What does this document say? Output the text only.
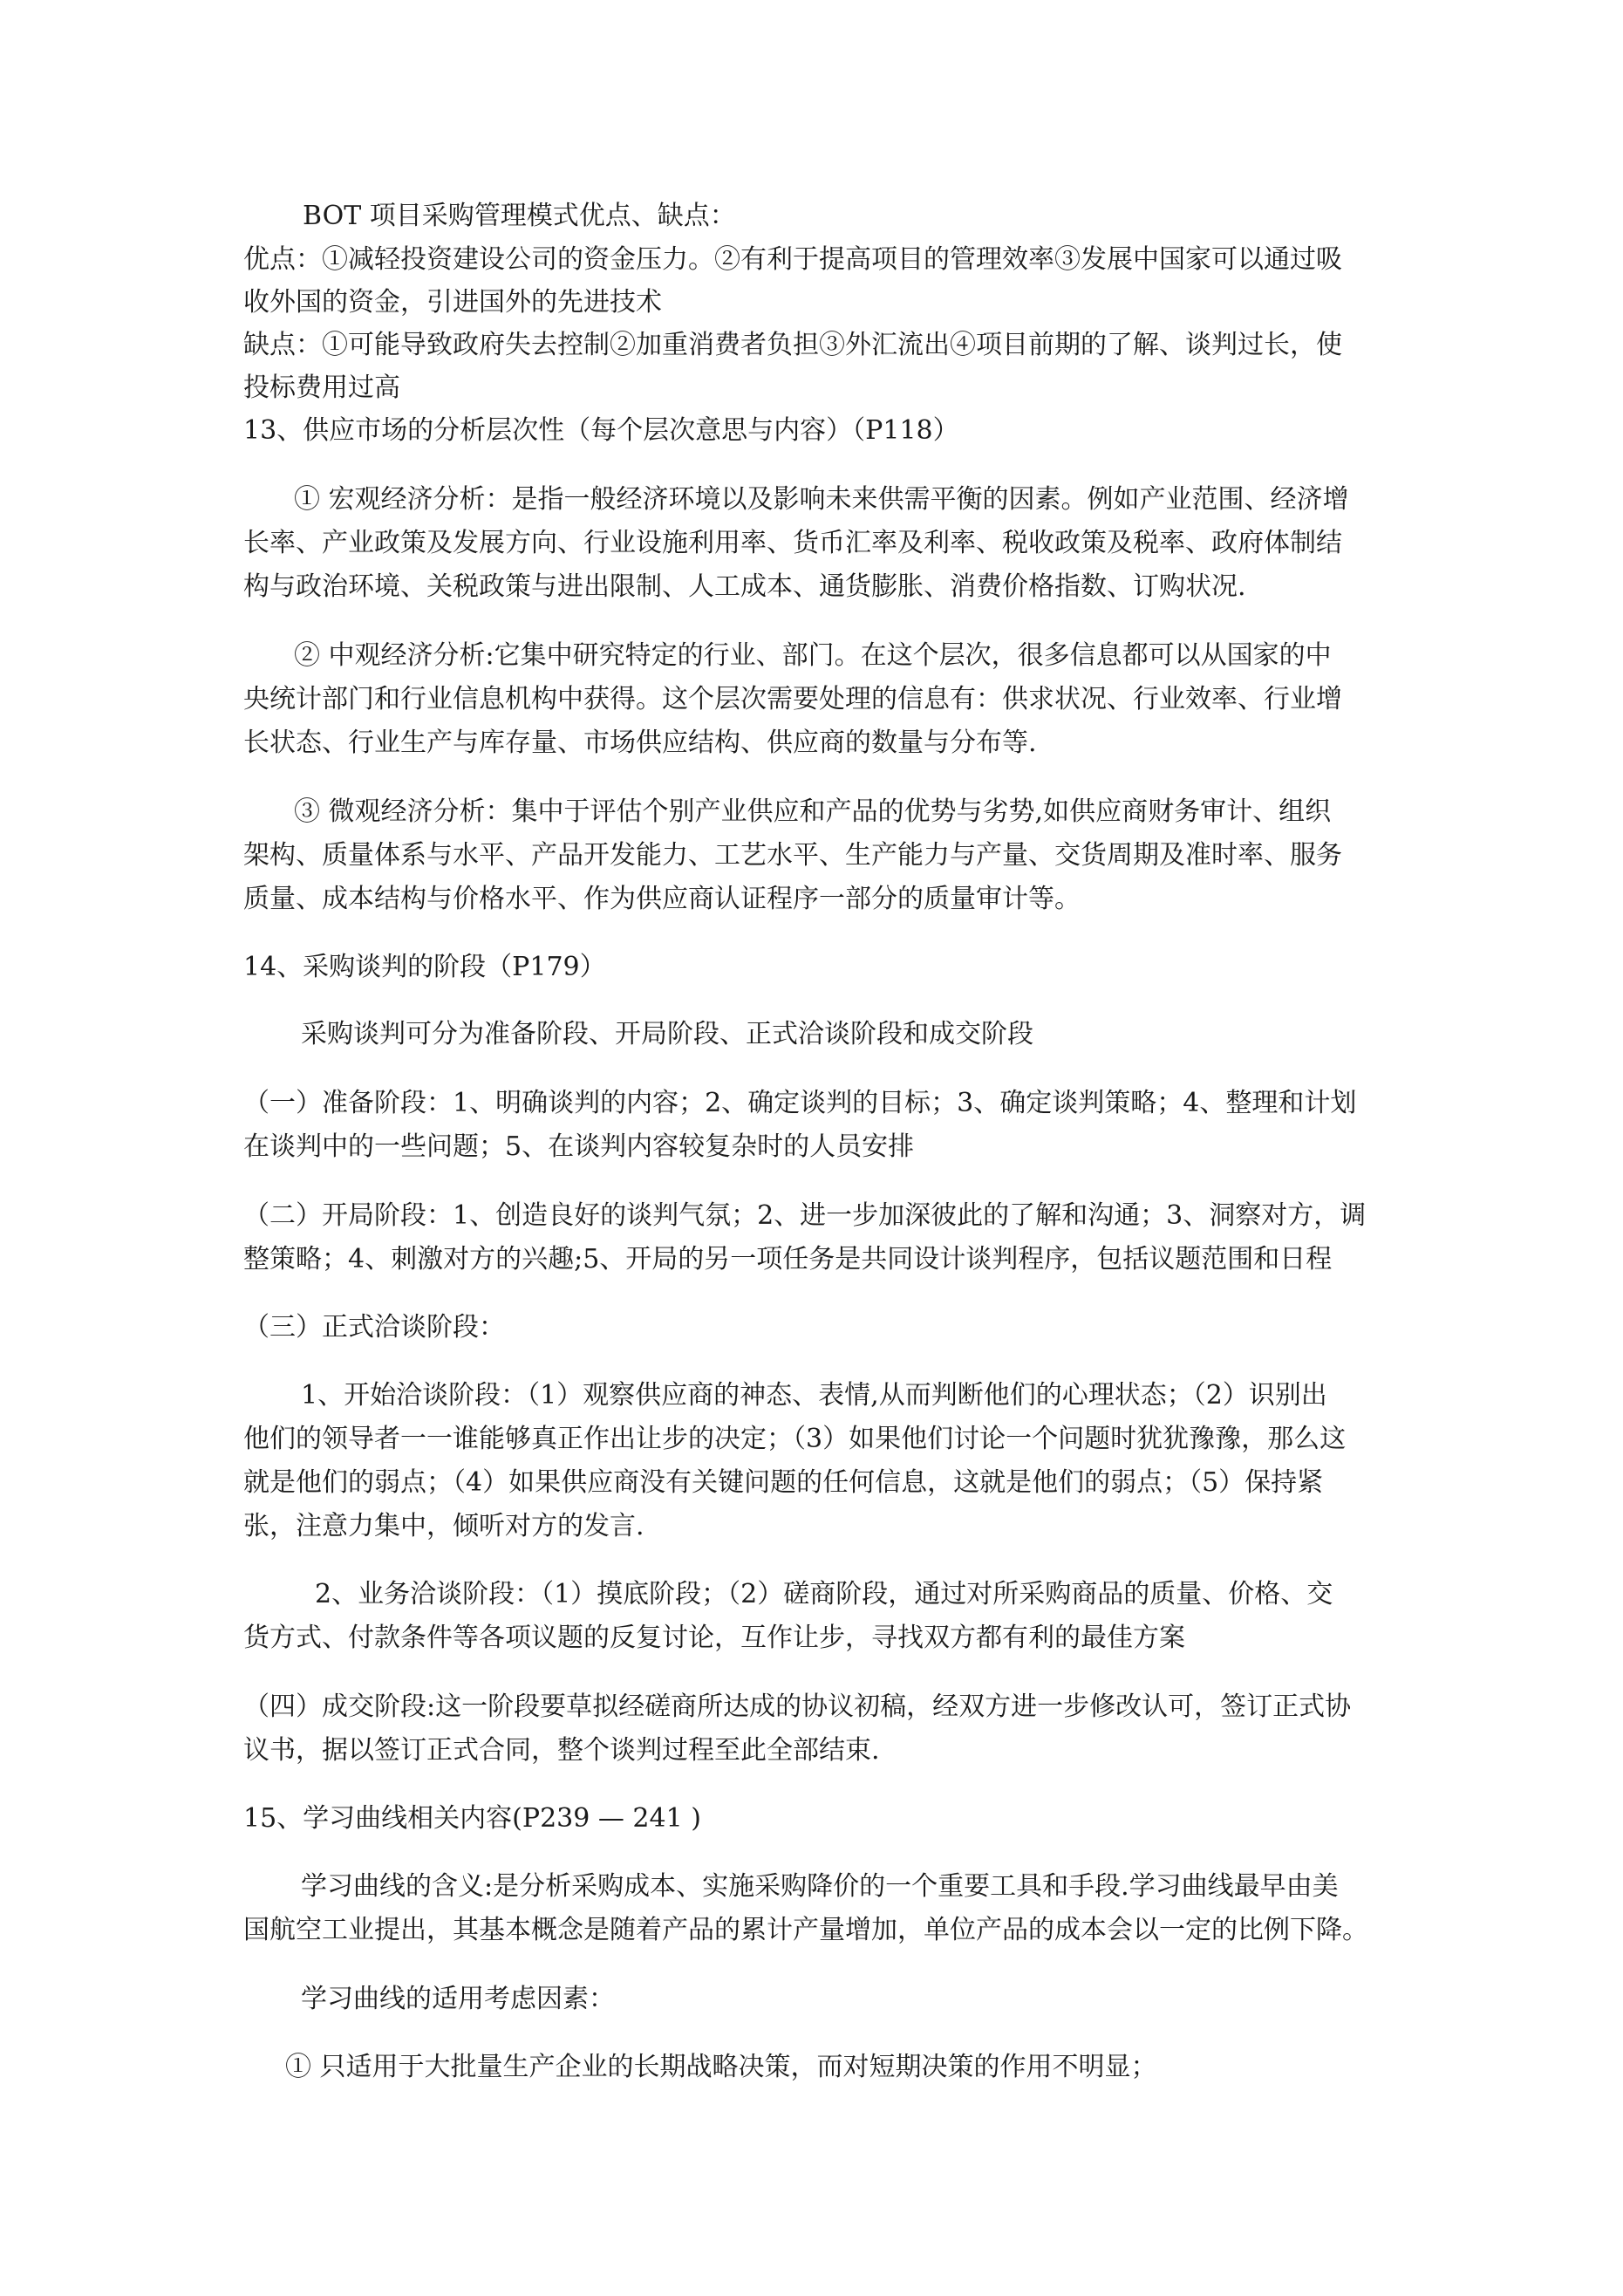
BOT 项目采购管理模式优点、缺点：
优点：①减轻投资建设公司的资金压力。②有利于提高项目的管理效率③发展中国家可以通过吸
收外国的资金，引进国外的先进技术
缺点：①可能导致政府失去控制②加重消费者负担③外汇流出④项目前期的了解、谈判过长，使
投标费用过高
13、供应市场的分析层次性（每个层次意思与内容）（P118）
① 宏观经济分析：是指一般经济环境以及影响未来供需平衡的因素。例如产业范围、经济增
长率、产业政策及发展方向、行业设施利用率、货币汇率及利率、税收政策及税率、政府体制结
构与政治环境、关税政策与进出限制、人工成本、通货膨胀、消费价格指数、订购状况.
② 中观经济分析:它集中研究特定的行业、部门。在这个层次，很多信息都可以从国家的中
央统计部门和行业信息机构中获得。这个层次需要处理的信息有：供求状况、行业效率、行业增
长状态、行业生产与库存量、市场供应结构、供应商的数量与分布等.
③ 微观经济分析：集中于评估个别产业供应和产品的优势与劣势,如供应商财务审计、组织
架构、质量体系与水平、产品开发能力、工艺水平、生产能力与产量、交货周期及准时率、服务
质量、成本结构与价格水平、作为供应商认证程序一部分的质量审计等。
14、采购谈判的阶段（P179）
采购谈判可分为准备阶段、开局阶段、正式洽谈阶段和成交阶段
（一）准备阶段：1、明确谈判的内容；2、确定谈判的目标；3、确定谈判策略；4、整理和计划
在谈判中的一些问题；5、在谈判内容较复杂时的人员安排
（二）开局阶段：1、创造良好的谈判气氛；2、进一步加深彼此的了解和沟通；3、洞察对方，调
整策略；4、刺激对方的兴趣;5、开局的另一项任务是共同设计谈判程序，包括议题范围和日程
（三）正式洽谈阶段：
1、开始洽谈阶段：（1）观察供应商的神态、表情,从而判断他们的心理状态；（2）识别出
他们的领导者一一谁能够真正作出让步的决定；（3）如果他们讨论一个问题时犹犹豫豫，那么这
就是他们的弱点；（4）如果供应商没有关键问题的任何信息，这就是他们的弱点；（5）保持紧
张，注意力集中，倾听对方的发言.
2、业务洽谈阶段：（1）摸底阶段；（2）磋商阶段，通过对所采购商品的质量、价格、交
货方式、付款条件等各项议题的反复讨论，互作让步，寻找双方都有利的最佳方案
（四）成交阶段:这一阶段要草拟经磋商所达成的协议初稿，经双方进一步修改认可，签订正式协
议书，据以签订正式合同，整个谈判过程至此全部结束.
15、学习曲线相关内容(P239 — 241 )
学习曲线的含义:是分析采购成本、实施采购降价的一个重要工具和手段.学习曲线最早由美
国航空工业提出，其基本概念是随着产品的累计产量增加，单位产品的成本会以一定的比例下降。
学习曲线的适用考虑因素：
① 只适用于大批量生产企业的长期战略决策，而对短期决策的作用不明显；
